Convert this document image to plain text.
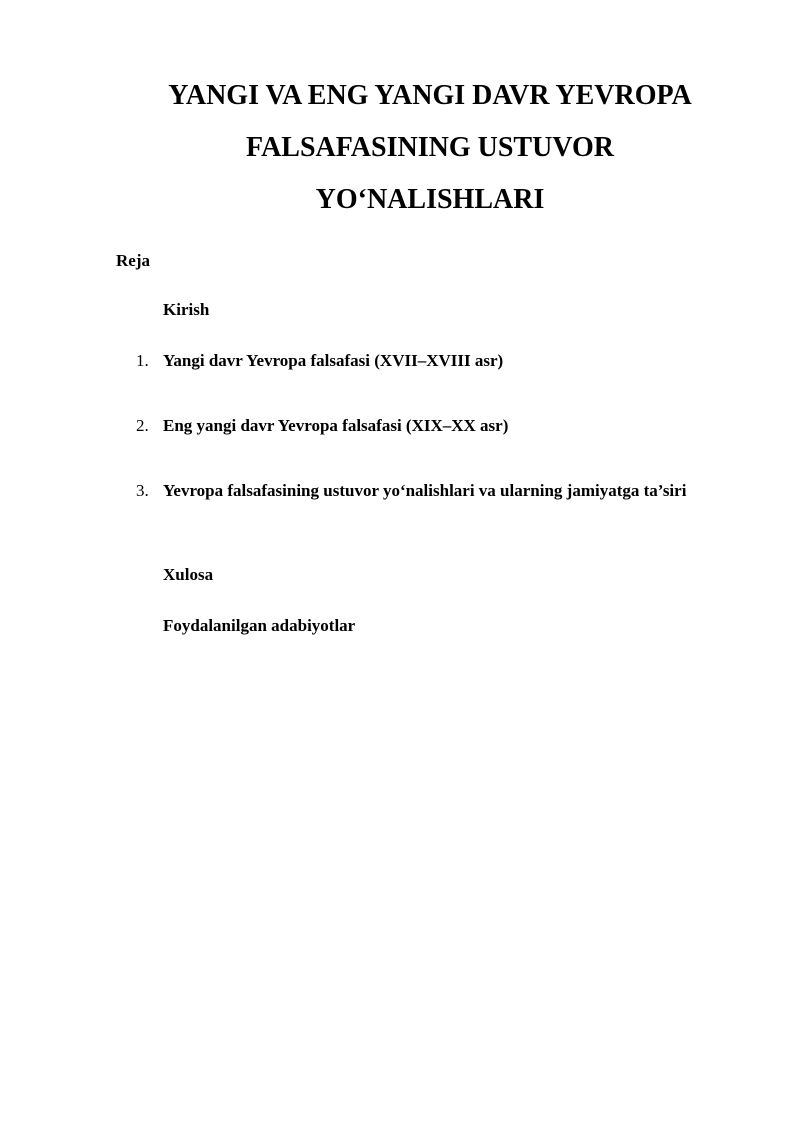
YANGI VA ENG YANGI DAVR YEVROPA
FALSAFASINING USTUVOR
YO‘NALISHLARI
Reja
Kirish
1. Yangi davr Yevropa falsafasi (XVII–XVIII asr)
2. Eng yangi davr Yevropa falsafasi (XIX–XX asr)
3. Yevropa falsafasining ustuvor yo‘nalishlari va ularning jamiyatga ta’siri
Xulosa
Foydalanilgan adabiyotlar
